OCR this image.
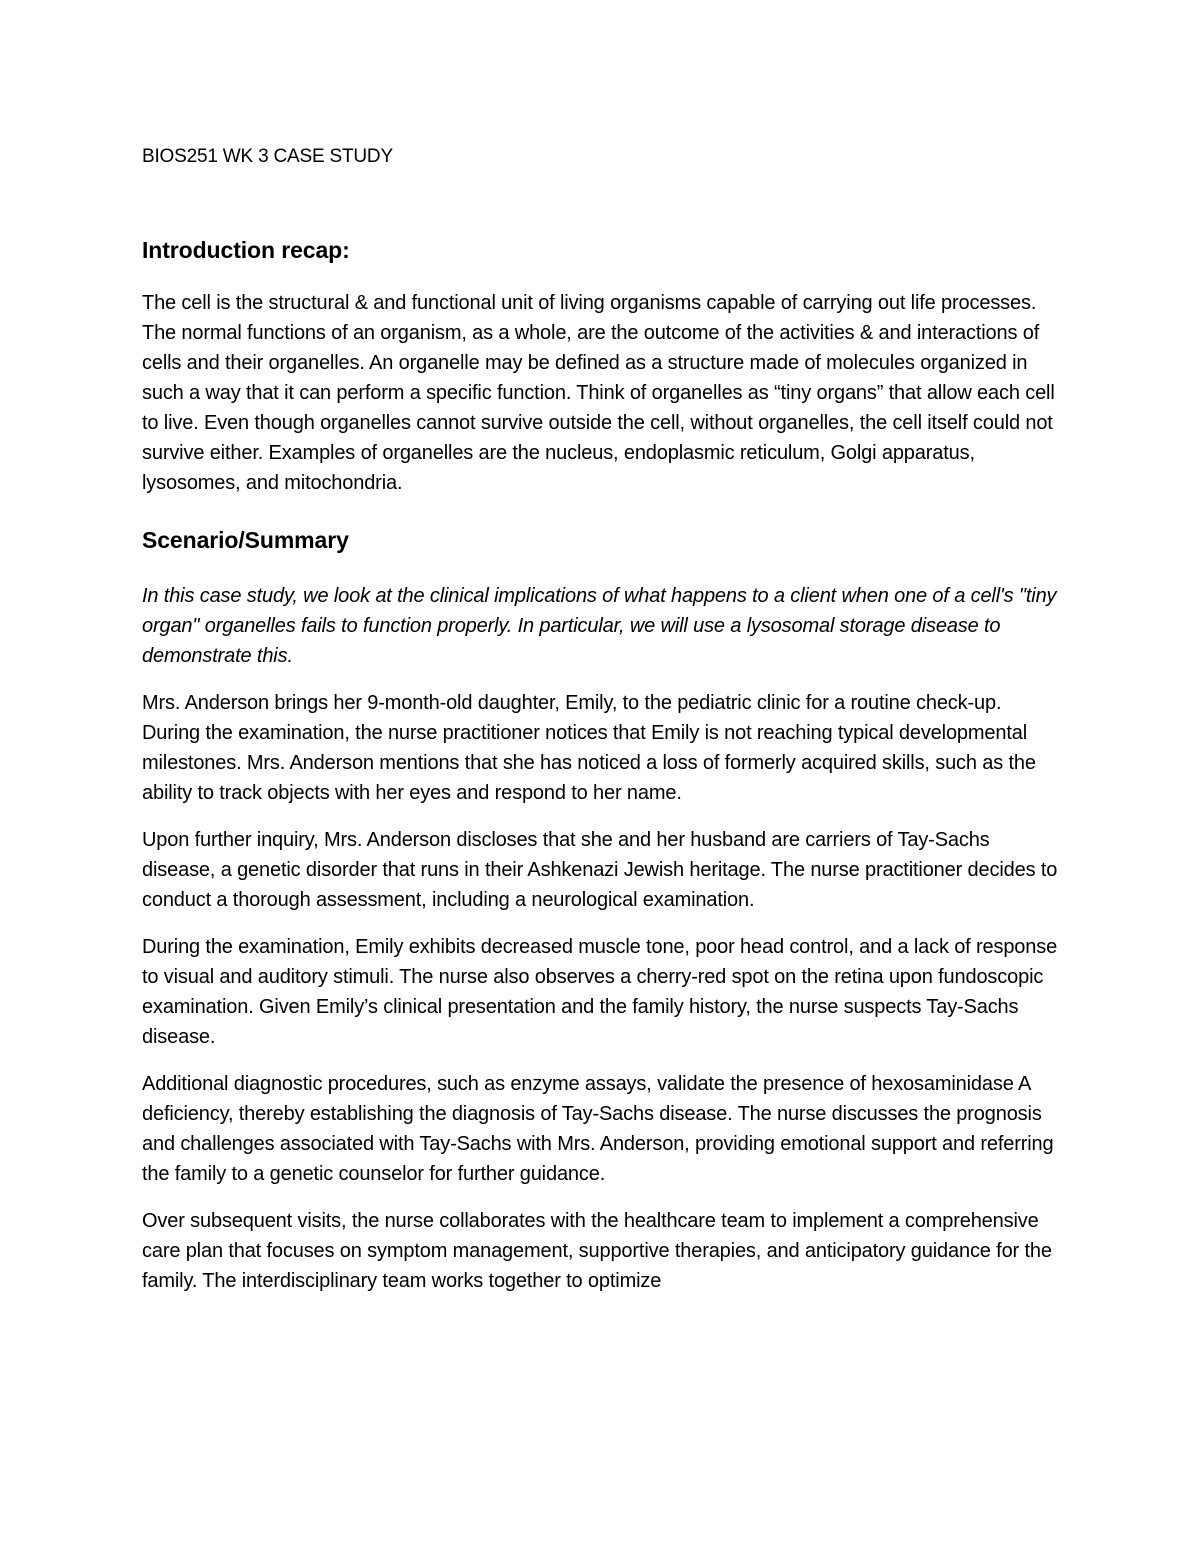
BIOS251 WK 3 CASE STUDY
Introduction recap:

The cell is the structural & and functional unit of living organisms capable of carrying out life processes. The normal functions of an organism, as a whole, are the outcome of the activities & and interactions of cells and their organelles. An organelle may be defined as a structure made of molecules organized in such a way that it can perform a specific function. Think of organelles as “tiny organs” that allow each cell to live. Even though organelles cannot survive outside the cell, without organelles, the cell itself could not survive either. Examples of organelles are the nucleus, endoplasmic reticulum, Golgi apparatus, lysosomes, and mitochondria.

Scenario/Summary

In this case study, we look at the clinical implications of what happens to a client when one of a cell's "tiny organ" organelles fails to function properly. In particular, we will use a lysosomal storage disease to demonstrate this.

Mrs. Anderson brings her 9-month-old daughter, Emily, to the pediatric clinic for a routine check-up. During the examination, the nurse practitioner notices that Emily is not reaching typical developmental milestones. Mrs. Anderson mentions that she has noticed a loss of formerly acquired skills, such as the ability to track objects with her eyes and respond to her name.

Upon further inquiry, Mrs. Anderson discloses that she and her husband are carriers of Tay-Sachs disease, a genetic disorder that runs in their Ashkenazi Jewish heritage. The nurse practitioner decides to conduct a thorough assessment, including a neurological examination.

During the examination, Emily exhibits decreased muscle tone, poor head control, and a lack of response to visual and auditory stimuli. The nurse also observes a cherry-red spot on the retina upon fundoscopic examination. Given Emily’s clinical presentation and the family history, the nurse suspects Tay-Sachs disease.

Additional diagnostic procedures, such as enzyme assays, validate the presence of hexosaminidase A deficiency, thereby establishing the diagnosis of Tay-Sachs disease. The nurse discusses the prognosis and challenges associated with Tay-Sachs with Mrs. Anderson, providing emotional support and referring the family to a genetic counselor for further guidance.

Over subsequent visits, the nurse collaborates with the healthcare team to implement a comprehensive care plan that focuses on symptom management, supportive therapies, and anticipatory guidance for the family. The interdisciplinary team works together to optimize
